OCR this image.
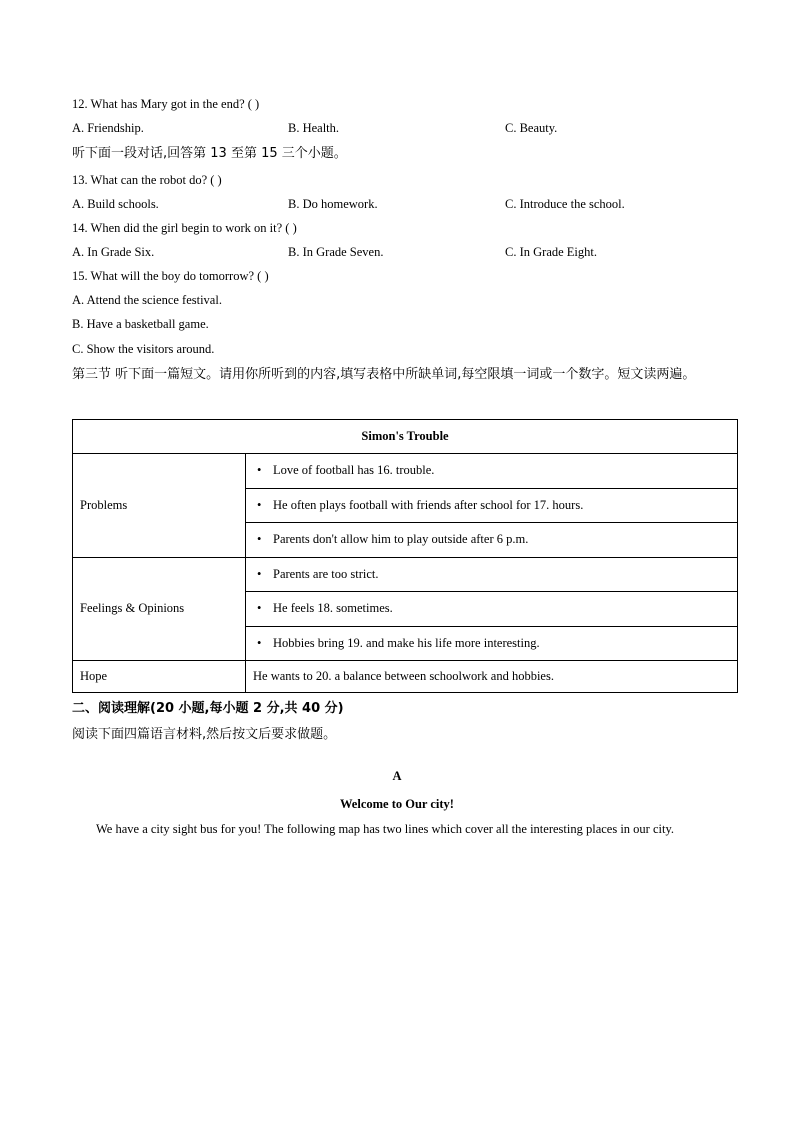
12. What has Mary got in the end? ( )
A. Friendship.	B. Health.	C. Beauty.
听下面一段对话,回答第 13 至第 15 三个小题。
13. What can the robot do? ( )
A. Build schools.	B. Do homework.	C. Introduce the school.
14. When did the girl begin to work on it? ( )
A. In Grade Six.	B. In Grade Seven.	C. In Grade Eight.
15. What will the boy do tomorrow? ( )
A. Attend the science festival.
B. Have a basketball game.
C. Show the visitors around.
第三节 听下面一篇短文。请用你所听到的内容,填写表格中所缺单词,每空限填一词或一个数字。短文读两遍。
Simon's Trouble	
Problems	• Love of football has 16. trouble.
	• He often plays football with friends after school for 17. hours.
	• Parents don't allow him to play outside after 6 p.m.
Feelings & Opinions	• Parents are too strict.
	• He feels 18. sometimes.
	• Hobbies bring 19. and make his life more interesting.
Hope	He wants to 20. a balance between schoolwork and hobbies.
二、阅读理解(20 小题,每小题 2 分,共 40 分)
阅读下面四篇语言材料,然后按文后要求做题。
A
Welcome to Our city!
We have a city sight bus for you! The following map has two lines which cover all the interesting places in our city.
